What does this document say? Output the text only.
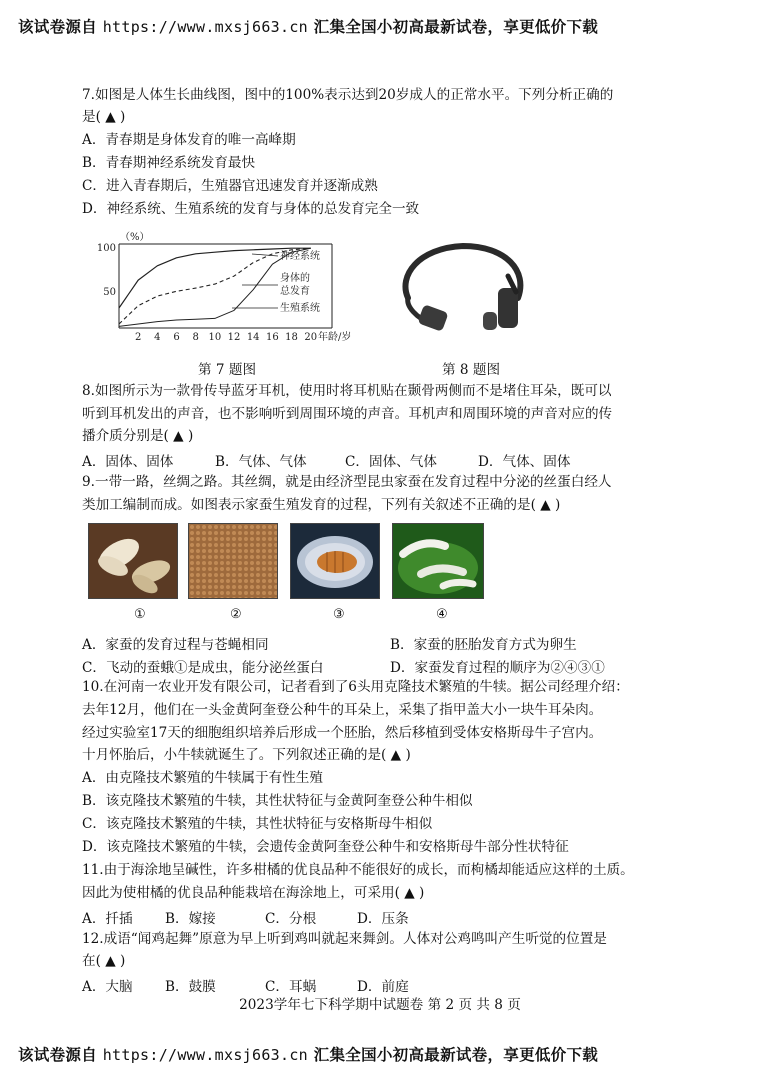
该试卷源自 https://www.mxsj663.cn 汇集全国小初高最新试卷，享更低价下载
7.如图是人体生长曲线图，图中的100%表示达到20岁成人的正常水平。下列分析正确的
是( ▲ )
A．青春期是身体发育的唯一高峰期
B．青春期神经系统发育最快
C．进入青春期后，生殖器官迅速发育并逐渐成熟
D．神经系统、生殖系统的发育与身体的总发育完全一致
（%）
100
50
年龄/岁
神经系统
身体的
总发育
生殖系统
2 4 6 8 10 12 14 16 18 20
第 7 题图	第 8 题图
8.如图所示为一款骨传导蓝牙耳机，使用时将耳机贴在颞骨两侧而不是堵住耳朵，既可以
听到耳机发出的声音，也不影响听到周围环境的声音。耳机声和周围环境的声音对应的传
播介质分别是( ▲ )
A．固体、固体	B．气体、气体	C．固体、气体	D．气体、固体
9.一带一路，丝绸之路。其丝绸，就是由经济型昆虫家蚕在发育过程中分泌的丝蛋白经人
类加工编制而成。如图表示家蚕生殖发育的过程，下列有关叙述不正确的是( ▲ )
①	②	③	④
A．家蚕的发育过程与苍蝇相同	B．家蚕的胚胎发育方式为卵生
C．飞动的蚕蛾①是成虫，能分泌丝蛋白	D．家蚕发育过程的顺序为②④③①
10.在河南一农业开发有限公司，记者看到了6头用克隆技术繁殖的牛犊。据公司经理介绍：
去年12月，他们在一头金黄阿奎登公种牛的耳朵上，采集了指甲盖大小一块牛耳朵肉。
经过实验室17天的细胞组织培养后形成一个胚胎，然后移植到受体安格斯母牛子宫内。
十月怀胎后，小牛犊就诞生了。下列叙述正确的是( ▲ )
A．由克隆技术繁殖的牛犊属于有性生殖
B．该克隆技术繁殖的牛犊，其性状特征与金黄阿奎登公种牛相似
C．该克隆技术繁殖的牛犊，其性状特征与安格斯母牛相似
D．该克隆技术繁殖的牛犊，会遗传金黄阿奎登公种牛和安格斯母牛部分性状特征
11.由于海涂地呈碱性，许多柑橘的优良品种不能很好的成长，而枸橘却能适应这样的土质。
因此为使柑橘的优良品种能栽培在海涂地上，可采用( ▲ )
A．扦插 B．嫁接	C．分根	D．压条
12.成语“闻鸡起舞”原意为早上听到鸡叫就起来舞剑。人体对公鸡鸣叫产生听觉的位置是
在( ▲ )
A．大脑 B．鼓膜	C．耳蜗	D．前庭
2023学年七下科学期中试题卷 第 2 页 共 8 页
该试卷源自 https://www.mxsj663.cn 汇集全国小初高最新试卷，享更低价下载
